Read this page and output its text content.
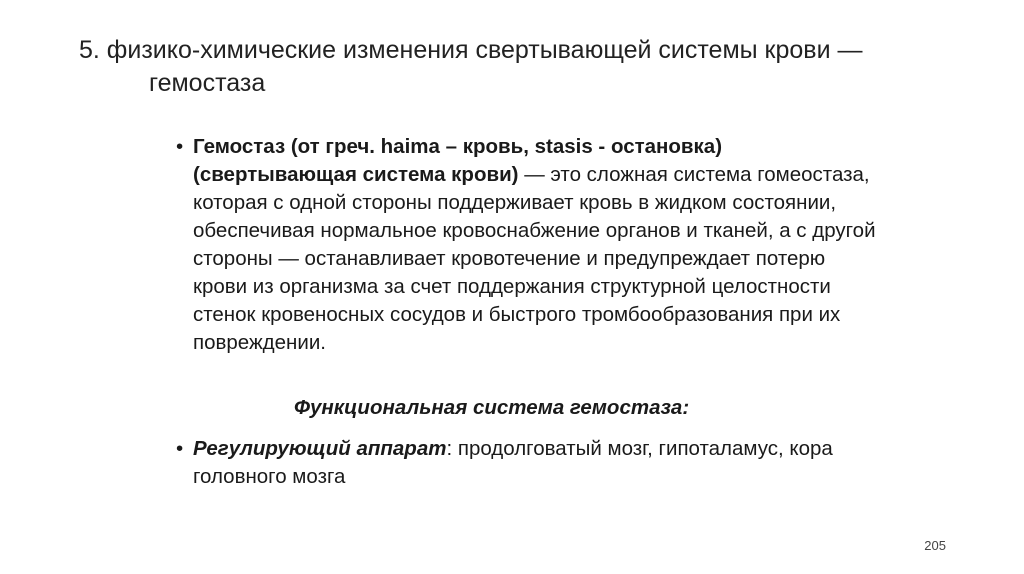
5. физико-химические изменения свертывающей системы крови —
гемостаза

• Гемостаз (от греч. haima – кровь, stasis - остановка)(свертывающая система крови) — это сложная система гомеостаза, которая с одной стороны поддерживает кровь в жидком состоянии, обеспечивая нормальное кровоснабжение органов и тканей, а с другой стороны — останавливает кровотечение и предупреждает потерю крови из организма за счет поддержания структурной целостности стенок кровеносных сосудов и быстрого тромбообразования при их повреждении.

Функциональная система гемостаза:

• Регулирующий аппарат: продолговатый мозг, гипоталамус, кора головного мозга

205
